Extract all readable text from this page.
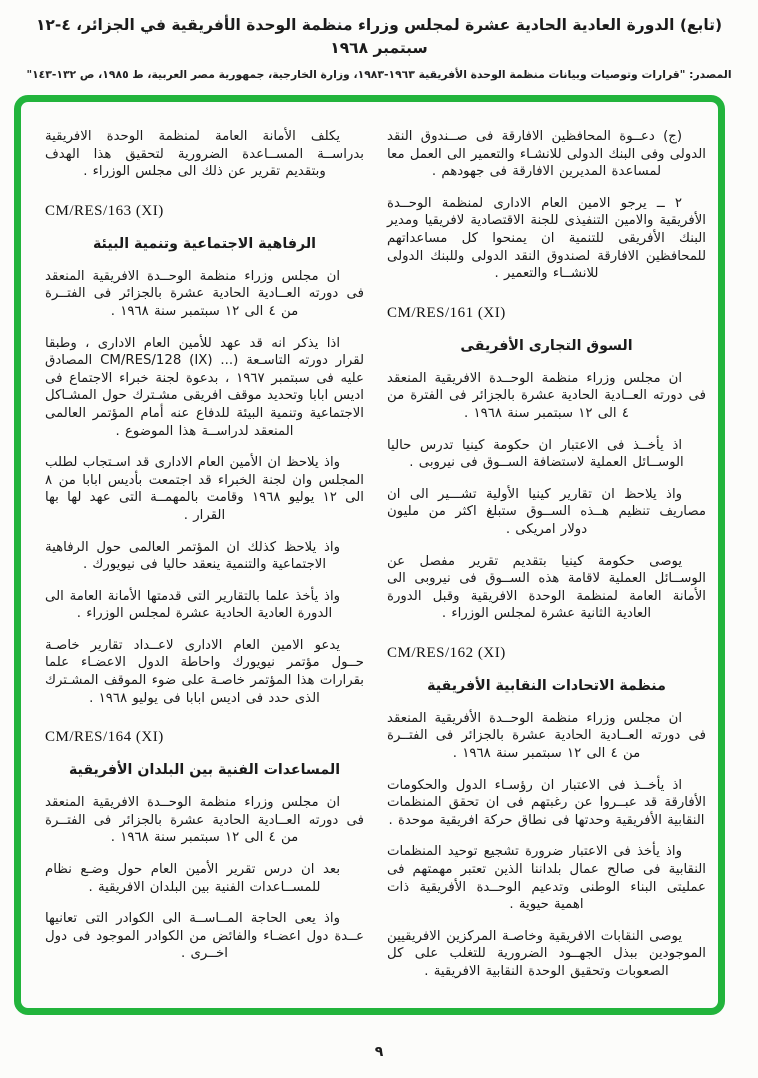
(تابع) الدورة العادية الحادية عشرة لمجلس وزراء منظمة الوحدة الأفريقية في الجزائر، ٤-١٢ سبتمبر ١٩٦٨
المصدر: "قرارات وتوصيات وبيانات منظمة الوحدة الأفريقية ١٩٦٣-١٩٨٣، وزارة الخارجية، جمهورية مصر العربية، ط ١٩٨٥، ص ١٣٢-١٤٣"

(ج) دعــوة المحافظين الافارقة فى صــندوق النقد الدولى وفى البنك الدولى للانشـاء والتعمير الى العمل معا لمساعدة المديرين الافارقة فى جهودهم .

٢ ــ يرجو الامين العام الادارى لمنظمة الوحــدة الأفريقية والامين التنفيذى للجنة الاقتصادية لافريقيا ومدير البنك الأفريقى للتنمية ان يمنحوا كل مساعداتهم للمحافظين الافارقة لصندوق النقد الدولى وللبنك الدولى للانشــاء والتعمير .

CM/RES/161 (XI)
السوق التجارى الأفريقى

ان مجلس وزراء منظمة الوحــدة الافريقية المنعقد فى دورته العــادية الحادية عشرة بالجزائر فى الفترة من ٤ الى ١٢ سبتمبر سنة ١٩٦٨ .

اذ يأخــذ فى الاعتبار ان حكومة كينيا تدرس حاليا الوســائل العملية لاستضافة الســوق فى نيروبى .

واذ يلاحظ ان تقارير كينيا الأولية تشـــير الى ان مصاريف تنظيم هــذه الســوق ستبلغ اكثر من مليون دولار امريكى .

يوصى حكومة كينيا بتقديم تقرير مفصل عن الوســائل العملية لاقامة هذه الســوق فى نيروبى الى الأمانة العامة لمنظمة الوحدة الافريقية وقبل الدورة العادية الثانية عشرة لمجلس الوزراء .

CM/RES/162 (XI)
منظمة الاتحادات النقابية الأفريقية

ان مجلس وزراء منظمة الوحــدة الأفريقية المنعقد فى دورته العــادية الحادية عشرة بالجزائر فى الفتــرة من ٤ الى ١٢ سبتمبر سنة ١٩٦٨ .

اذ يأخــذ فى الاعتبار ان رؤسـاء الدول والحكومات الأفارقة قد عبــروا عن رغبتهم فى ان تحقق المنظمات النقابية الأفريقية وحدتها فى نطاق حركة افريقية موحدة .

واذ يأخذ فى الاعتبار ضرورة تشجيع توحيد المنظمات النقابية فى صالح عمال بلداننا الذين تعتبر مهمتهم فى عمليتى البناء الوطنى وتدعيم الوحــدة الأفريقية ذات اهمية حيوية .

يوصى النقابات الافريقية وخاصـة المركزين الافريقيين الموجودين ببذل الجهــود الضرورية للتغلب على كل الصعوبات وتحقيق الوحدة النقابية الافريقية .

يكلف الأمانة العامة لمنظمة الوحدة الافريقية بدراســة المســاعدة الضرورية لتحقيق هذا الهدف وبتقديم تقرير عن ذلك الى مجلس الوزراء .

CM/RES/163 (XI)
الرفاهية الاجتماعية وتنمية البيئة

ان مجلس وزراء منظمة الوحــدة الافريقية المنعقد فى دورته العــادية الحادية عشرة بالجزائر فى الفتــرة من ٤ الى ١٢ سبتمبر سنة ١٩٦٨ .

اذا يذكر انه قد عهد للأمين العام الادارى ، وطبقا لقرار دورته التاسـعة (... (CM/RES/128 (IX المصادق عليه فى سبتمبر ١٩٦٧ ، بدعوة لجنة خبراء الاجتماع فى اديس ابابا وتحديد موقف افريقى مشـترك حول المشـاكل الاجتماعية وتنمية البيئة للدفاع عنه أمام المؤتمر العالمى المنعقد لدراســة هذا الموضوع .

واذ يلاحظ ان الأمين العام الادارى قد اسـتجاب لطلب المجلس وان لجنة الخبراء قد اجتمعت بأديس ابابا من ٨ الى ١٢ يوليو ١٩٦٨ وقامت بالمهمــة التى عهد لها بها القرار .

واذ يلاحظ كذلك ان المؤتمر العالمى حول الرفاهية الاجتماعية والتنمية ينعقد حاليا فى نيويورك .

واذ يأخذ علما بالتقارير التى قدمتها الأمانة العامة الى الدورة العادية الحادية عشرة لمجلس الوزراء .

يدعو الامين العام الادارى لاعــداد تقارير خاصـة حــول مؤتمر نيويورك واحاطة الدول الاعضـاء علما بقرارات هذا المؤتمر خاصـة على ضوء الموقف المشـترك الذى حدد فى اديس ابابا فى يوليو ١٩٦٨ .

CM/RES/164 (XI)
المساعدات الفنية بين البلدان الأفريقية

ان مجلس وزراء منظمة الوحــدة الافريقية المنعقد فى دورته العــادية الحادية عشرة بالجزائر فى الفتــرة من ٤ الى ١٢ سبتمبر سنة ١٩٦٨ .

بعد ان درس تقرير الأمين العام حول وضـع نظام للمســاعدات الفنية بين البلدان الافريقية .

واذ يعى الحاجة المــاســة الى الكوادر التى تعانيها عــدة دول اعضـاء والفائض من الكوادر الموجود فى دول اخــرى .

٩
